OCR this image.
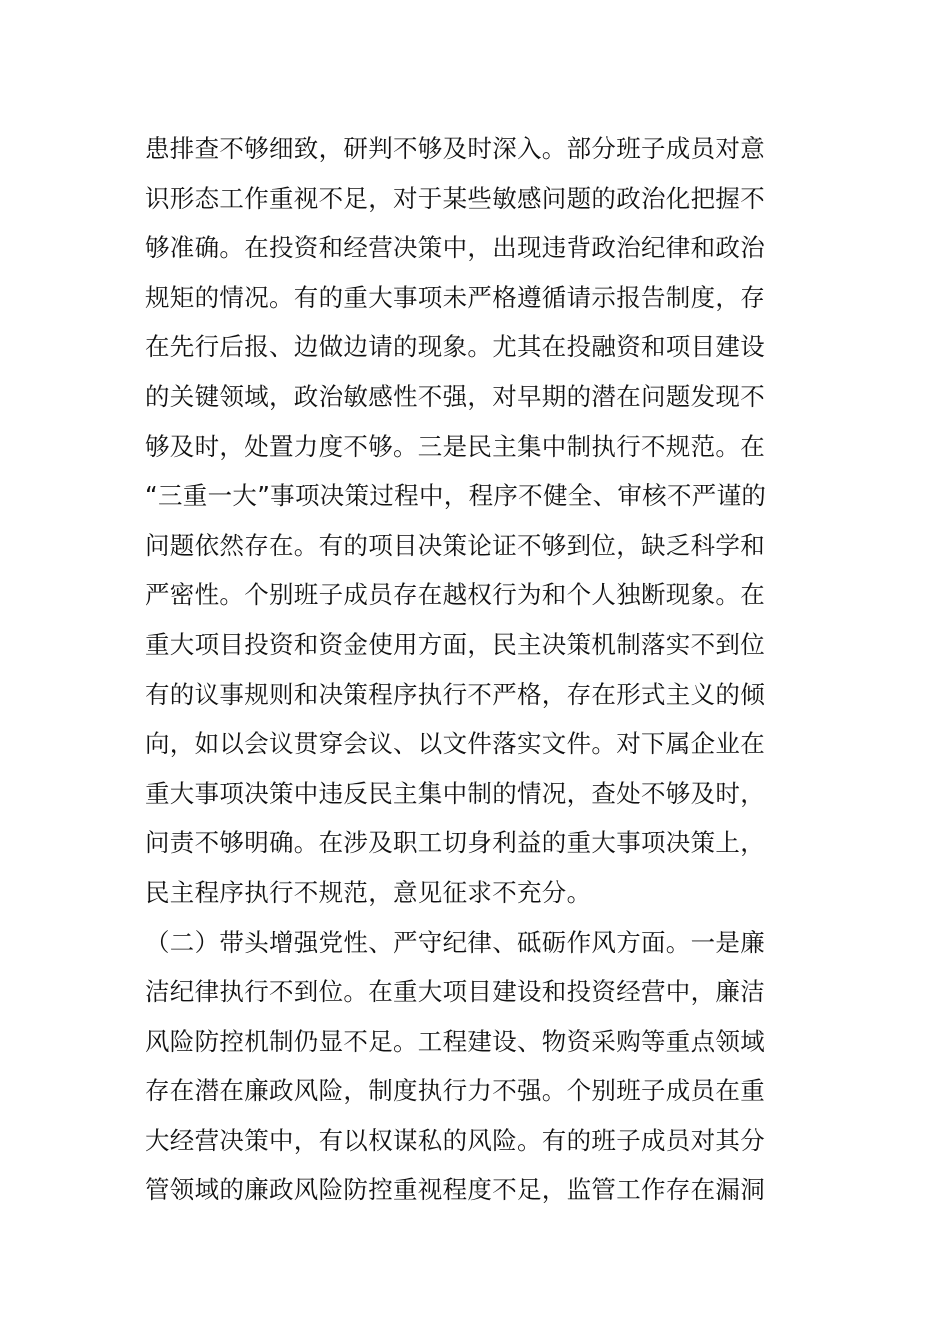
患排查不够细致，研判不够及时深入。部分班子成员对意
识形态工作重视不足，对于某些敏感问题的政治化把握不
够准确。在投资和经营决策中，出现违背政治纪律和政治
规矩的情况。有的重大事项未严格遵循请示报告制度，存
在先行后报、边做边请的现象。尤其在投融资和项目建设
的关键领域，政治敏感性不强，对早期的潜在问题发现不
够及时，处置力度不够。三是民主集中制执行不规范。在
“三重一大”事项决策过程中，程序不健全、审核不严谨的
问题依然存在。有的项目决策论证不够到位，缺乏科学和
严密性。个别班子成员存在越权行为和个人独断现象。在
重大项目投资和资金使用方面，民主决策机制落实不到位
有的议事规则和决策程序执行不严格，存在形式主义的倾
向，如以会议贯穿会议、以文件落实文件。对下属企业在
重大事项决策中违反民主集中制的情况，查处不够及时，
问责不够明确。在涉及职工切身利益的重大事项决策上，
民主程序执行不规范，意见征求不充分。
（二）带头增强党性、严守纪律、砥砺作风方面。一是廉
洁纪律执行不到位。在重大项目建设和投资经营中，廉洁
风险防控机制仍显不足。工程建设、物资采购等重点领域
存在潜在廉政风险，制度执行力不强。个别班子成员在重
大经营决策中，有以权谋私的风险。有的班子成员对其分
管领域的廉政风险防控重视程度不足，监管工作存在漏洞
